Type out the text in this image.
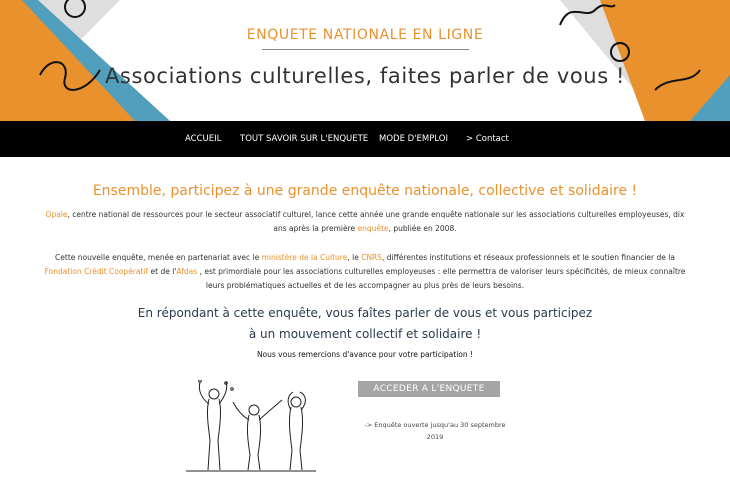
ENQUETE NATIONALE EN LIGNE
Associations culturelles, faites parler de vous !
ACCUEIL TOUT SAVOIR SUR L'ENQUETE MODE D'EMPLOI > Contact
Ensemble, participez à une grande enquête nationale, collective et solidaire !
Opale, centre national de ressources pour le secteur associatif culturel, lance cette année une grande enquête nationale sur les associations culturelles employeuses, dix ans après la première enquête, publiée en 2008.
Cette nouvelle enquête, menée en partenariat avec le ministère de la Culture, le CNRS, différentes institutions et réseaux professionnels et le soutien financier de la Fondation Crédit Coopératif et de l'Afdas , est primordiale pour les associations culturelles employeuses : elle permettra de valoriser leurs spécificités, de mieux connaître leurs problématiques actuelles et de les accompagner au plus près de leurs besoins.
En répondant à cette enquête, vous faîtes parler de vous et vous participez
à un mouvement collectif et solidaire !
Nous vous remercions d'avance pour votre participation !
ACCEDER A L'ENQUETE
-> Enquête ouverte jusqu'au 30 septembre
2019
